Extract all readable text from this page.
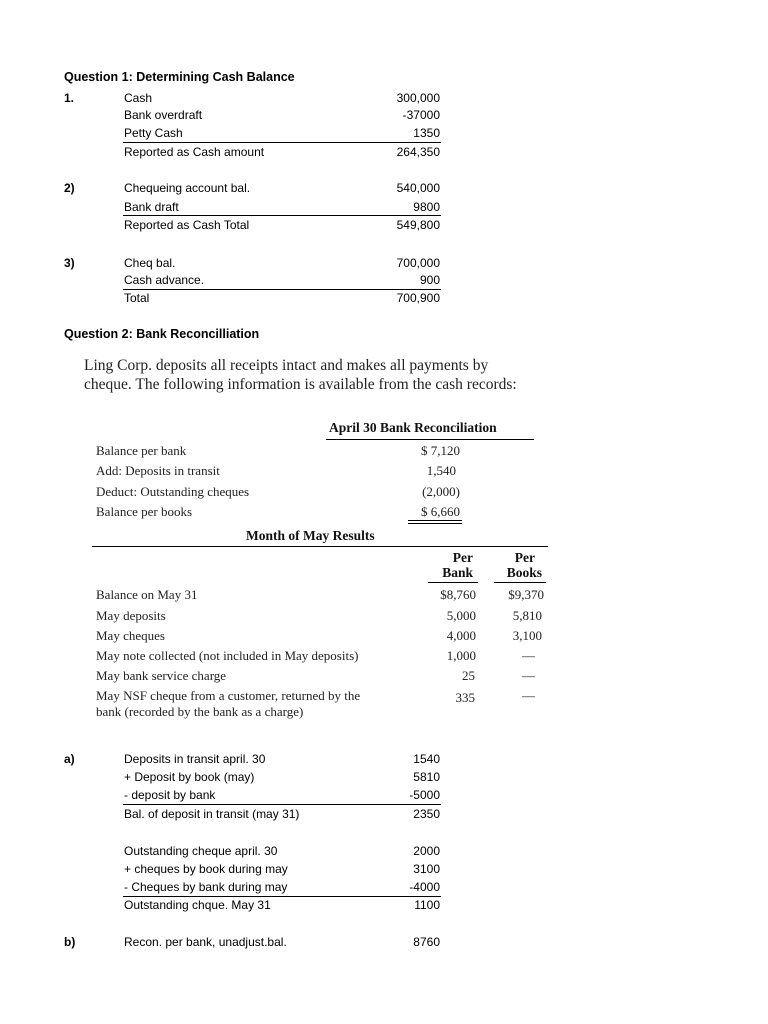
Question 1: Determining Cash Balance
1.	Cash	300,000
Bank overdraft	-37000
Petty Cash	1350
Reported as Cash amount	264,350
2)	Chequeing account bal.	540,000
Bank draft	9800
Reported as Cash Total	549,800
3)	Cheq bal.	700,000
Cash advance.	900
Total	700,900
Question 2: Bank Reconcilliation
Ling Corp. deposits all receipts intact and makes all payments by
cheque. The following information is available from the cash records:
April 30 Bank Reconciliation
Balance per bank	$ 7,120
Add: Deposits in transit	1,540
Deduct: Outstanding cheques	(2,000)
Balance per books	$ 6,660
Month of May Results
Per
Bank
Per
Books
Balance on May 31	$8,760	$9,370
May deposits	5,000	5,810
May cheques	4,000	3,100
May note collected (not included in May deposits)	1,000	—
May bank service charge	25	—
May NSF cheque from a customer, returned by the
bank (recorded by the bank as a charge)
335	—
a)	Deposits in transit april. 30	1540
+ Deposit by book (may)	5810
- deposit by bank	-5000
Bal. of deposit in transit (may 31)	2350
Outstanding cheque april. 30	2000
+ cheques by book during may	3100
- Cheques by bank during may	-4000
Outstanding chque. May 31	1100
b)	Recon. per bank, unadjust.bal.	8760
